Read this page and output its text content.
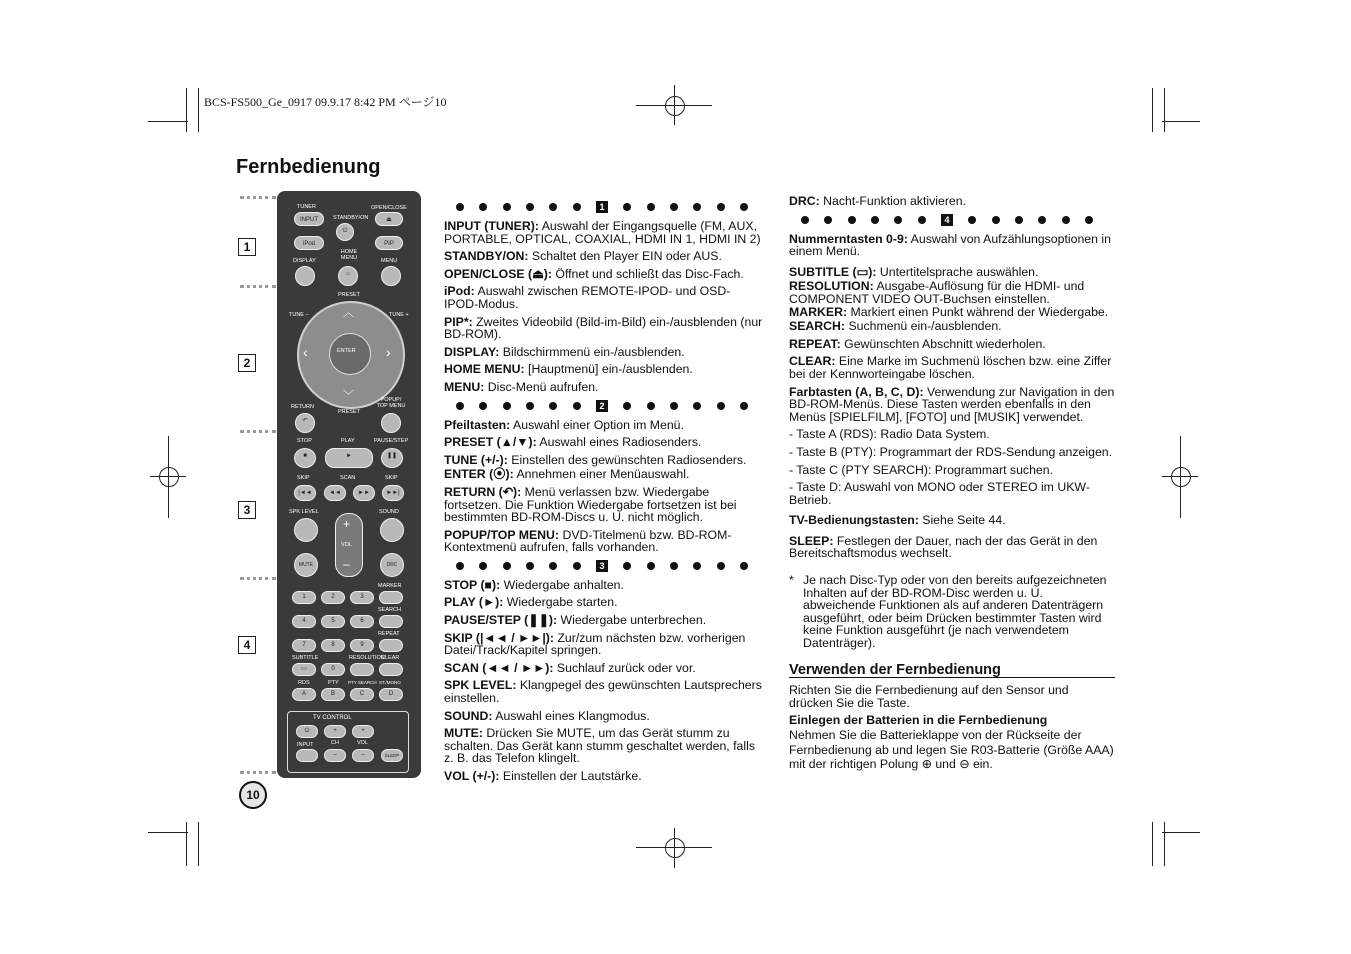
BCS-FS500_Ge_0917 09.9.17 8:42 PM ページ10
Fernbedienung
1
2
3
4
TUNER
STANDBY/ON
OPEN/CLOSE
INPUT
⏻
⏏
iPod
HOME MENU
PIP
DISPLAY	MENU
⌂
PRESET
TUNE –	TUNE +
ENTER
︿
﹀
‹	›
RETURN
PRESET
POPUP/ TOP MENU
↶
STOP	PLAY	PAUSE/STEP
■	►	❚❚
SKIP	SCAN	SKIP
|◄◄	◄◄	►►	►►|
SPK LEVEL	SOUND
+
VOL
–
MUTE	DRC
MARKER
1	2	3
SEARCH
4	5	6
REPEAT
7	8	9
SUBTITLE	RESOLUTION
CLEAR
▭	0
RDS	PTY PTY SEARCH ST./MONO
A	B	C	D
TV CONTROL
⏻	+	+
INPUT	CH	VOL
–	–	SLEEP
10
1

INPUT (TUNER): Auswahl der Eingangsquelle (FM, AUX, PORTABLE, OPTICAL, COAXIAL, HDMI IN 1, HDMI IN 2)

STANDBY/ON: Schaltet den Player EIN oder AUS.

OPEN/CLOSE (⏏): Öffnet und schließt das Disc-Fach.

iPod: Auswahl zwischen REMOTE-IPOD- und OSD-IPOD-Modus.

PIP*: Zweites Videobild (Bild-im-Bild) ein-/ausblenden (nur BD-ROM).

DISPLAY: Bildschirmmenü ein-/ausblenden.

HOME MENU: [Hauptmenü] ein-/ausblenden.

MENU: Disc-Menü aufrufen.

2

Pfeiltasten: Auswahl einer Option im Menü.

PRESET (▲/▼): Auswahl eines Radiosenders.

TUNE (+/-): Einstellen des gewünschten Radiosenders.

ENTER (⦿): Annehmen einer Menüauswahl.

RETURN (↶): Menü verlassen bzw. Wiedergabe fortsetzen. Die Funktion Wiedergabe fortsetzen ist bei bestimmten BD-ROM-Discs u. U. nicht möglich.

POPUP/TOP MENU: DVD-Titelmenü bzw. BD-ROM-Kontextmenü aufrufen, falls vorhanden.

3

STOP (■): Wiedergabe anhalten.

PLAY (►): Wiedergabe starten.

PAUSE/STEP (❚❚): Wiedergabe unterbrechen.

SKIP (|◄◄ / ►►|): Zur/zum nächsten bzw. vorherigen Datei/Track/Kapitel springen.

SCAN (◄◄ / ►►): Suchlauf zurück oder vor.

SPK LEVEL: Klangpegel des gewünschten Lautsprechers einstellen.

SOUND: Auswahl eines Klangmodus.

MUTE: Drücken Sie MUTE, um das Gerät stumm zu schalten. Das Gerät kann stumm geschaltet werden, falls z. B. das Telefon klingelt.

VOL (+/-): Einstellen der Lautstärke.

DRC: Nacht-Funktion aktivieren.

4

Nummerntasten 0-9: Auswahl von Aufzählungsoptionen in einem Menü.

SUBTITLE (▭): Untertitelsprache auswählen.

RESOLUTION: Ausgabe-Auflösung für die HDMI- und COMPONENT VIDEO OUT-Buchsen einstellen.

MARKER: Markiert einen Punkt während der Wiedergabe.

SEARCH: Suchmenü ein-/ausblenden.

REPEAT: Gewünschten Abschnitt wiederholen.

CLEAR: Eine Marke im Suchmenü löschen bzw. eine Ziffer bei der Kennworteingabe löschen.

Farbtasten (A, B, C, D): Verwendung zur Navigation in den BD-ROM-Menüs. Diese Tasten werden ebenfalls in den Menüs [SPIELFILM], [FOTO] und [MUSIK] verwendet.

- Taste A (RDS): Radio Data System.

- Taste B (PTY): Programmart der RDS-Sendung anzeigen.

- Taste C (PTY SEARCH): Programmart suchen.

- Taste D: Auswahl von MONO oder STEREO im UKW-Betrieb.

TV-Bedienungstasten: Siehe Seite 44.

SLEEP: Festlegen der Dauer, nach der das Gerät in den Bereitschaftsmodus wechselt.

* Je nach Disc-Typ oder von den bereits aufgezeichneten Inhalten auf der BD-ROM-Disc werden u. U. abweichende Funktionen als auf anderen Datenträgern ausgeführt, oder beim Drücken bestimmter Tasten wird keine Funktion ausgeführt (je nach verwendetem Datenträger).
Verwenden der Fernbedienung

Richten Sie die Fernbedienung auf den Sensor und drücken Sie die Taste.

Einlegen der Batterien in die Fernbedienung

Nehmen Sie die Batterieklappe von der Rückseite der Fernbedienung ab und legen Sie R03-Batterie (Größe AAA) mit der richtigen Polung ⊕ und ⊖ ein.
